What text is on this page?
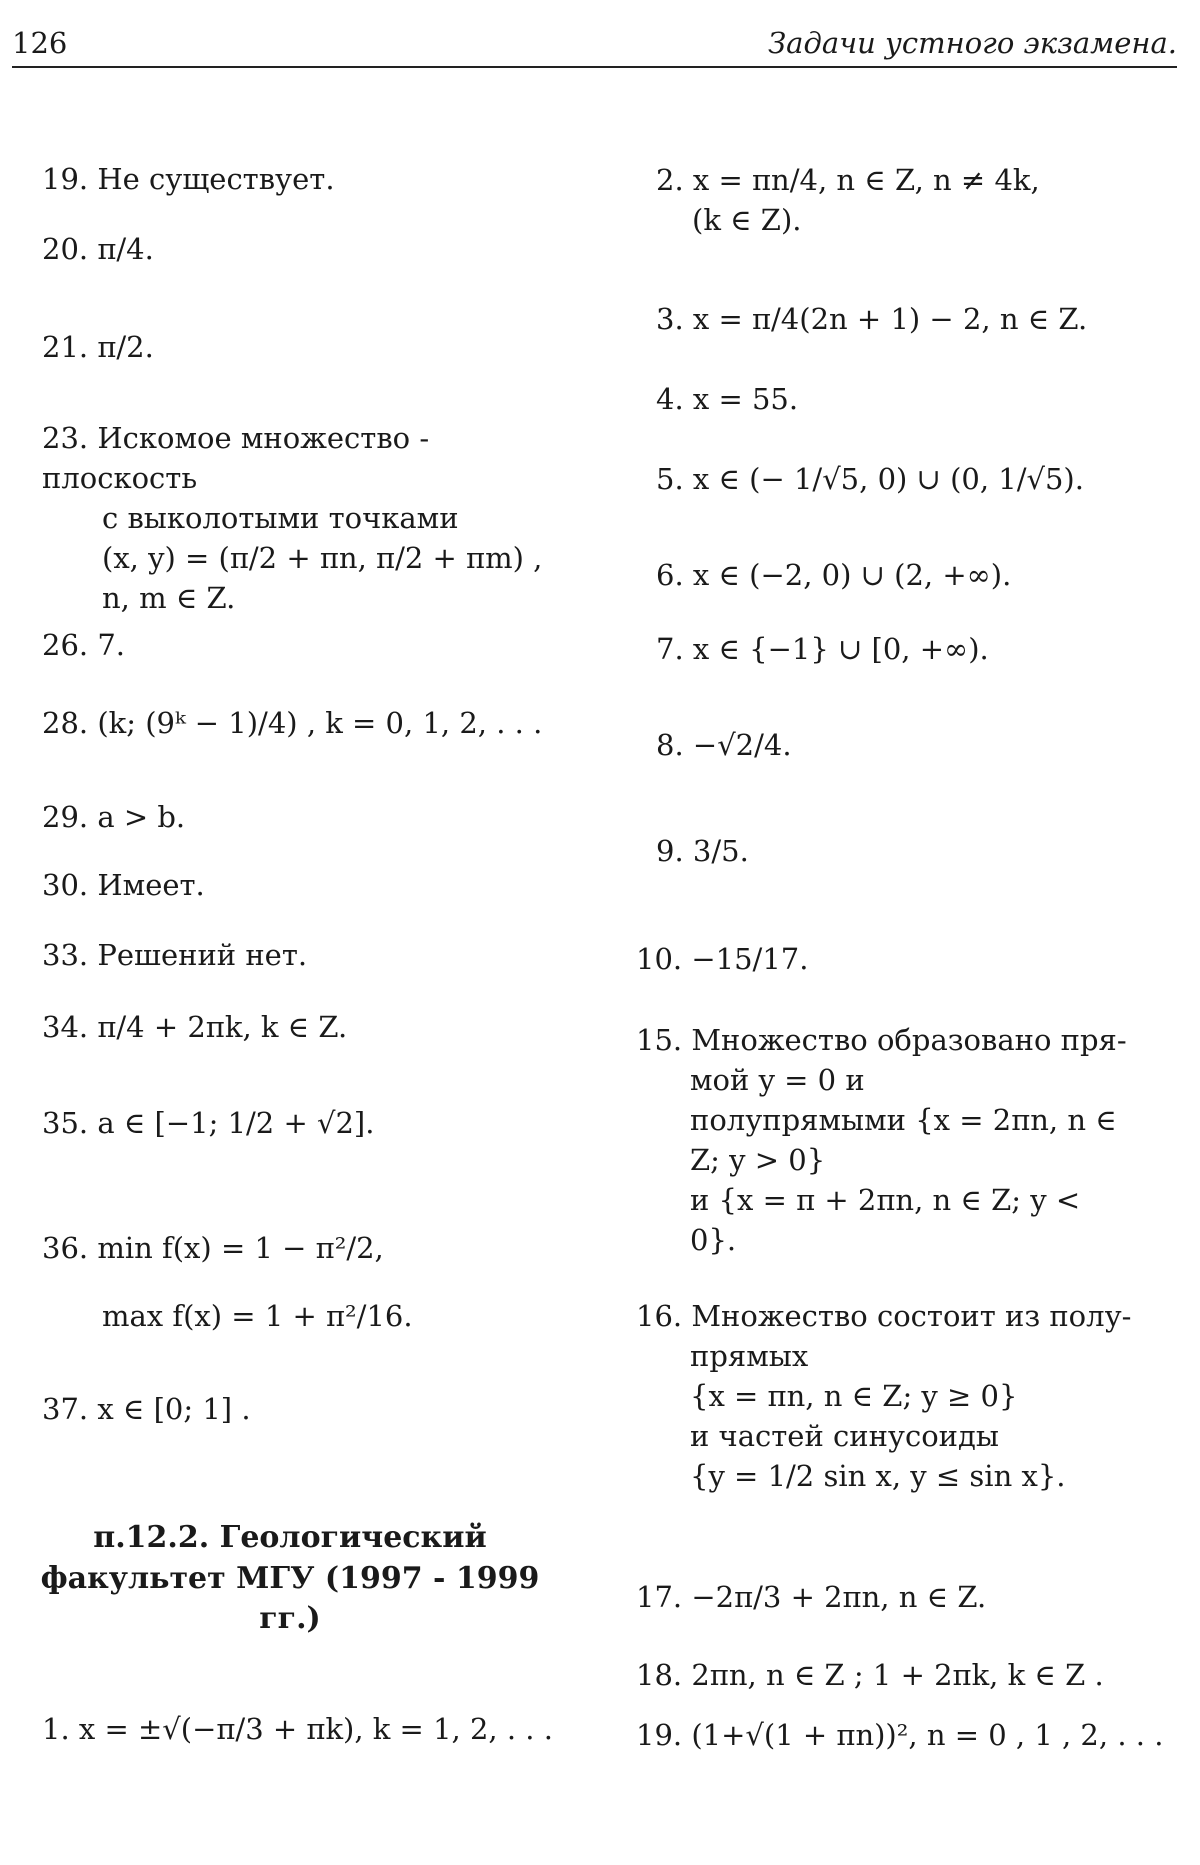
126	Задачи устного экзамена.
19. Не существует.
20. π/4.
21. π/2.
23. Искомое множество - плоскость
с выколотыми точками
(x, y) = (π/2 + πn, π/2 + πm) ,
n, m ∈ Z.
26. 7.
28. (k; (9ᵏ − 1)/4) , k = 0, 1, 2, . . .
29. a > b.
30. Имеет.
33. Решений нет.
34. π/4 + 2πk, k ∈ Z.
35. a ∈ [−1; 1/2 + √2].
36. min f(x) = 1 − π²/2,
max f(x) = 1 + π²/16.
37. x ∈ [0; 1] .
п.12.2. Геологический
факультет МГУ (1997 - 1999
гг.)
1. x = ±√(−π/3 + πk), k = 1, 2, . . .
2. x = πn/4, n ∈ Z, n ≠ 4k,
(k ∈ Z).
3. x = π/4(2n + 1) − 2, n ∈ Z.
4. x = 55.
5. x ∈ (− 1/√5, 0) ∪ (0, 1/√5).
6. x ∈ (−2, 0) ∪ (2, +∞).
7. x ∈ {−1} ∪ [0, +∞).
8. −√2/4.
9. 3/5.
10. −15/17.
15. Множество образовано пря-
мой y = 0 и
полупрямыми {x = 2πn, n ∈
Z; y > 0}
и {x = π + 2πn, n ∈ Z; y <
0}.
16. Множество состоит из полу-
прямых
{x = πn, n ∈ Z; y ≥ 0}
и частей синусоиды
{y = 1/2 sin x, y ≤ sin x}.
17. −2π/3 + 2πn, n ∈ Z.
18. 2πn, n ∈ Z ; 1 + 2πk, k ∈ Z .
19. (1+√(1 + πn))², n = 0 , 1 , 2, . . .
